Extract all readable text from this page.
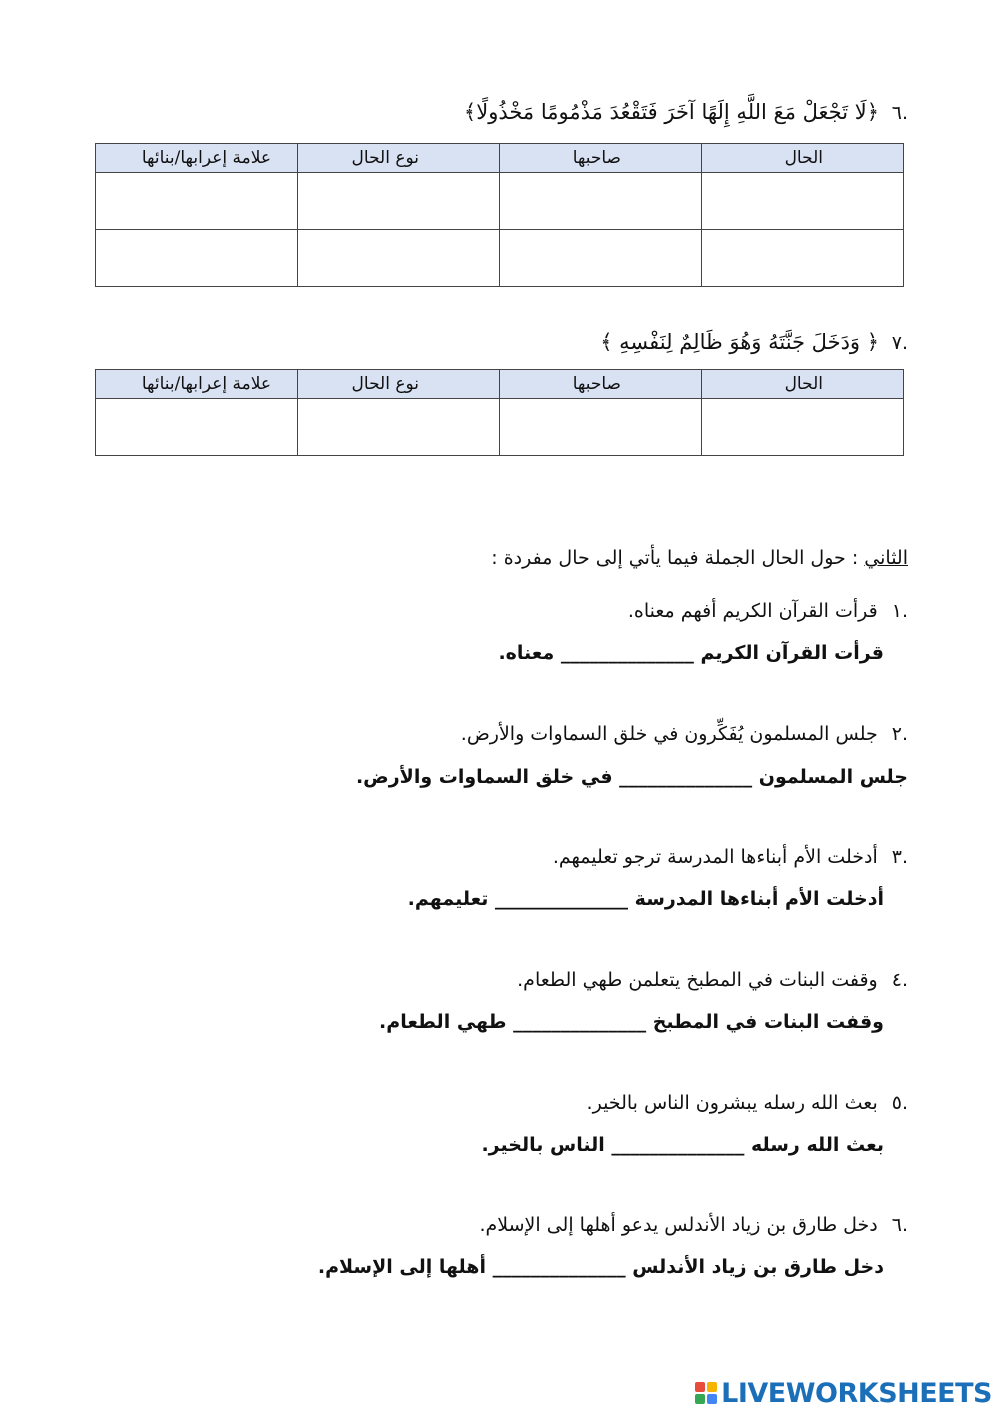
.٦ ﴿لَا تَجْعَلْ مَعَ اللَّهِ إِلَهًا آخَرَ فَتَقْعُدَ مَذْمُومًا مَخْذُولًا﴾
الحال	صاحبها	نوع الحال	علامة إعرابها/بنائها

.٧ ﴿ وَدَخَلَ جَنَّتَهُ وَهُوَ ظَالِمٌ لِنَفْسِهِ ﴾
الحال	صاحبها	نوع الحال	علامة إعرابها/بنائها

الثاني : حول الحال الجملة فيما يأتي إلى حال مفردة :
.١قرأت القرآن الكريم أفهم معناه.
قرأت القرآن الكريم ______________ معناه.
.٢جلس المسلمون يُفَكِّرون في خلق السماوات والأرض.
جلس المسلمون ______________ في خلق السماوات والأرض.
.٣أدخلت الأم أبناءها المدرسة ترجو تعليمهم.
أدخلت الأم أبناءها المدرسة ______________ تعليمهم.
.٤وقفت البنات في المطبخ يتعلمن طهي الطعام.
وقفت البنات في المطبخ ______________ طهي الطعام.
.٥بعث الله رسله يبشرون الناس بالخير.
بعث الله رسله ______________ الناس بالخير.
.٦دخل طارق بن زياد الأندلس يدعو أهلها إلى الإسلام.
دخل طارق بن زياد الأندلس ______________ أهلها إلى الإسلام.
LIVEWORKSHEETS
